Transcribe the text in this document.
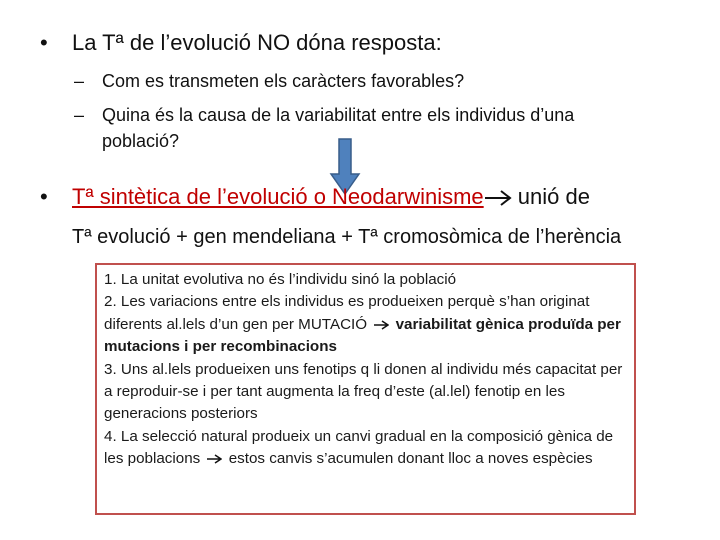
• La Tª de l’evolució NO dóna resposta:
– Com es transmeten els caràcters favorables?
– Quina és la causa de la variabilitat entre els individus d’una
població?
• Tª sintètica de l’evolució o Neodarwinisme unió de
Tª evolució + gen mendeliana + Tª cromosòmica de l’herència

1. La unitat evolutiva no és l’individu sinó la població

2. Les variacions entre els individus es produeixen perquè s’han originat diferents al.lels d’un gen per MUTACIÓ variabilitat gènica produïda per mutacions i per recombinacions

3. Uns al.lels produeixen uns fenotips q li donen al individu més capacitat per a reproduir-se i per tant augmenta la freq d’este (al.lel) fenotip en les generacions posteriors

4. La selecció natural produeix un canvi gradual en la composició gènica de les poblacions estos canvis s’acumulen donant lloc a noves espècies
